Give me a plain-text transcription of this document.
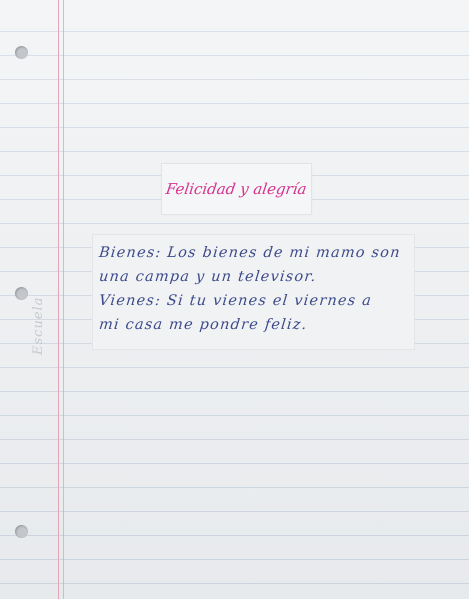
Escuela
Felicidad y alegría
Bienes: Los bienes de mi mamo son
una campa y un televisor.
Vienes: Si tu vienes el viernes a
mi casa me pondre feliz.
